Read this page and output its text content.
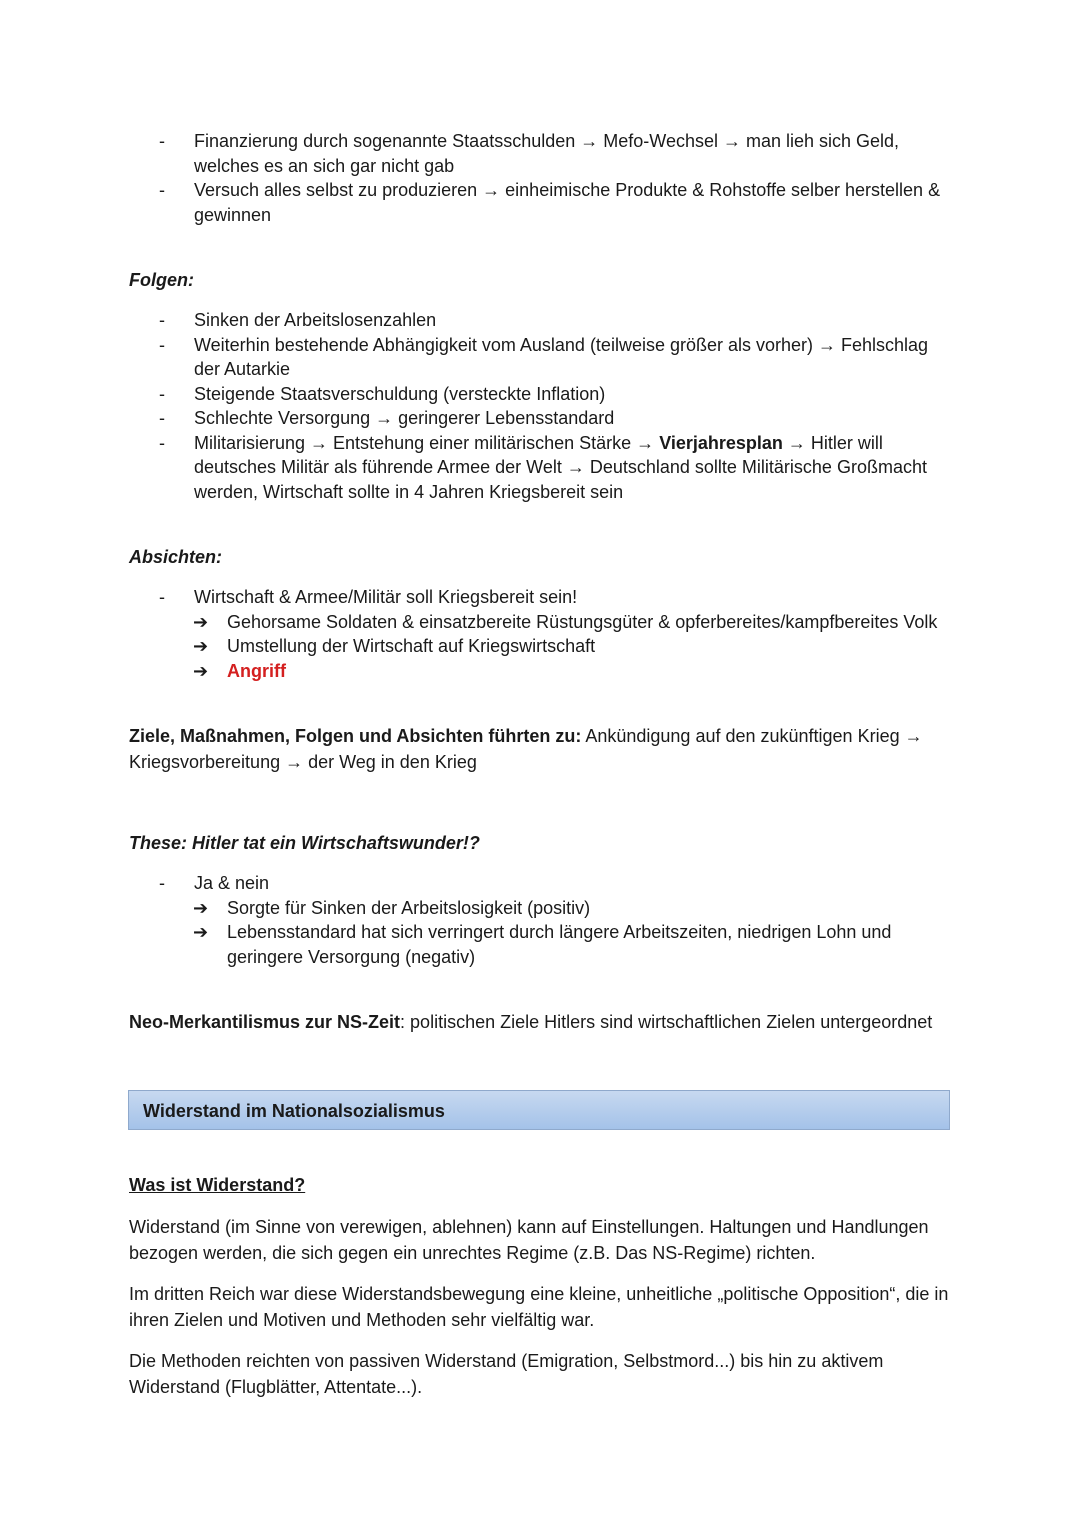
- Finanzierung durch sogenannte Staatsschulden → Mefo-Wechsel → man lieh sich Geld, welches es an sich gar nicht gab
- Versuch alles selbst zu produzieren → einheimische Produkte & Rohstoffe selber herstellen & gewinnen
Folgen:
- Sinken der Arbeitslosenzahlen
- Weiterhin bestehende Abhängigkeit vom Ausland (teilweise größer als vorher) → Fehlschlag der Autarkie
- Steigende Staatsverschuldung (versteckte Inflation)
- Schlechte Versorgung → geringerer Lebensstandard
- Militarisierung → Entstehung einer militärischen Stärke → Vierjahresplan → Hitler will deutsches Militär als führende Armee der Welt → Deutschland sollte Militärische Großmacht werden, Wirtschaft sollte in 4 Jahren Kriegsbereit sein
Absichten:
- Wirtschaft & Armee/Militär soll Kriegsbereit sein!
➔ Gehorsame Soldaten & einsatzbereite Rüstungsgüter & opferbereites/kampfbereites Volk
➔ Umstellung der Wirtschaft auf Kriegswirtschaft
➔ Angriff

Ziele, Maßnahmen, Folgen und Absichten führten zu: Ankündigung auf den zukünftigen Krieg → Kriegsvorbereitung → der Weg in den Krieg

These: Hitler tat ein Wirtschaftswunder!?
- Ja & nein
➔ Sorgte für Sinken der Arbeitslosigkeit (positiv)
➔ Lebensstandard hat sich verringert durch längere Arbeitszeiten, niedrigen Lohn und geringere Versorgung (negativ)

Neo-Merkantilismus zur NS-Zeit: politischen Ziele Hitlers sind wirtschaftlichen Zielen untergeordnet

Widerstand im Nationalsozialismus
Was ist Widerstand?

Widerstand (im Sinne von verewigen, ablehnen) kann auf Einstellungen. Haltungen und Handlungen bezogen werden, die sich gegen ein unrechtes Regime (z.B. Das NS-Regime) richten.

Im dritten Reich war diese Widerstandsbewegung eine kleine, unheitliche „politische Opposition“, die in ihren Zielen und Motiven und Methoden sehr vielfältig war.

Die Methoden reichten von passiven Widerstand (Emigration, Selbstmord...) bis hin zu aktivem Widerstand (Flugblätter, Attentate...).
